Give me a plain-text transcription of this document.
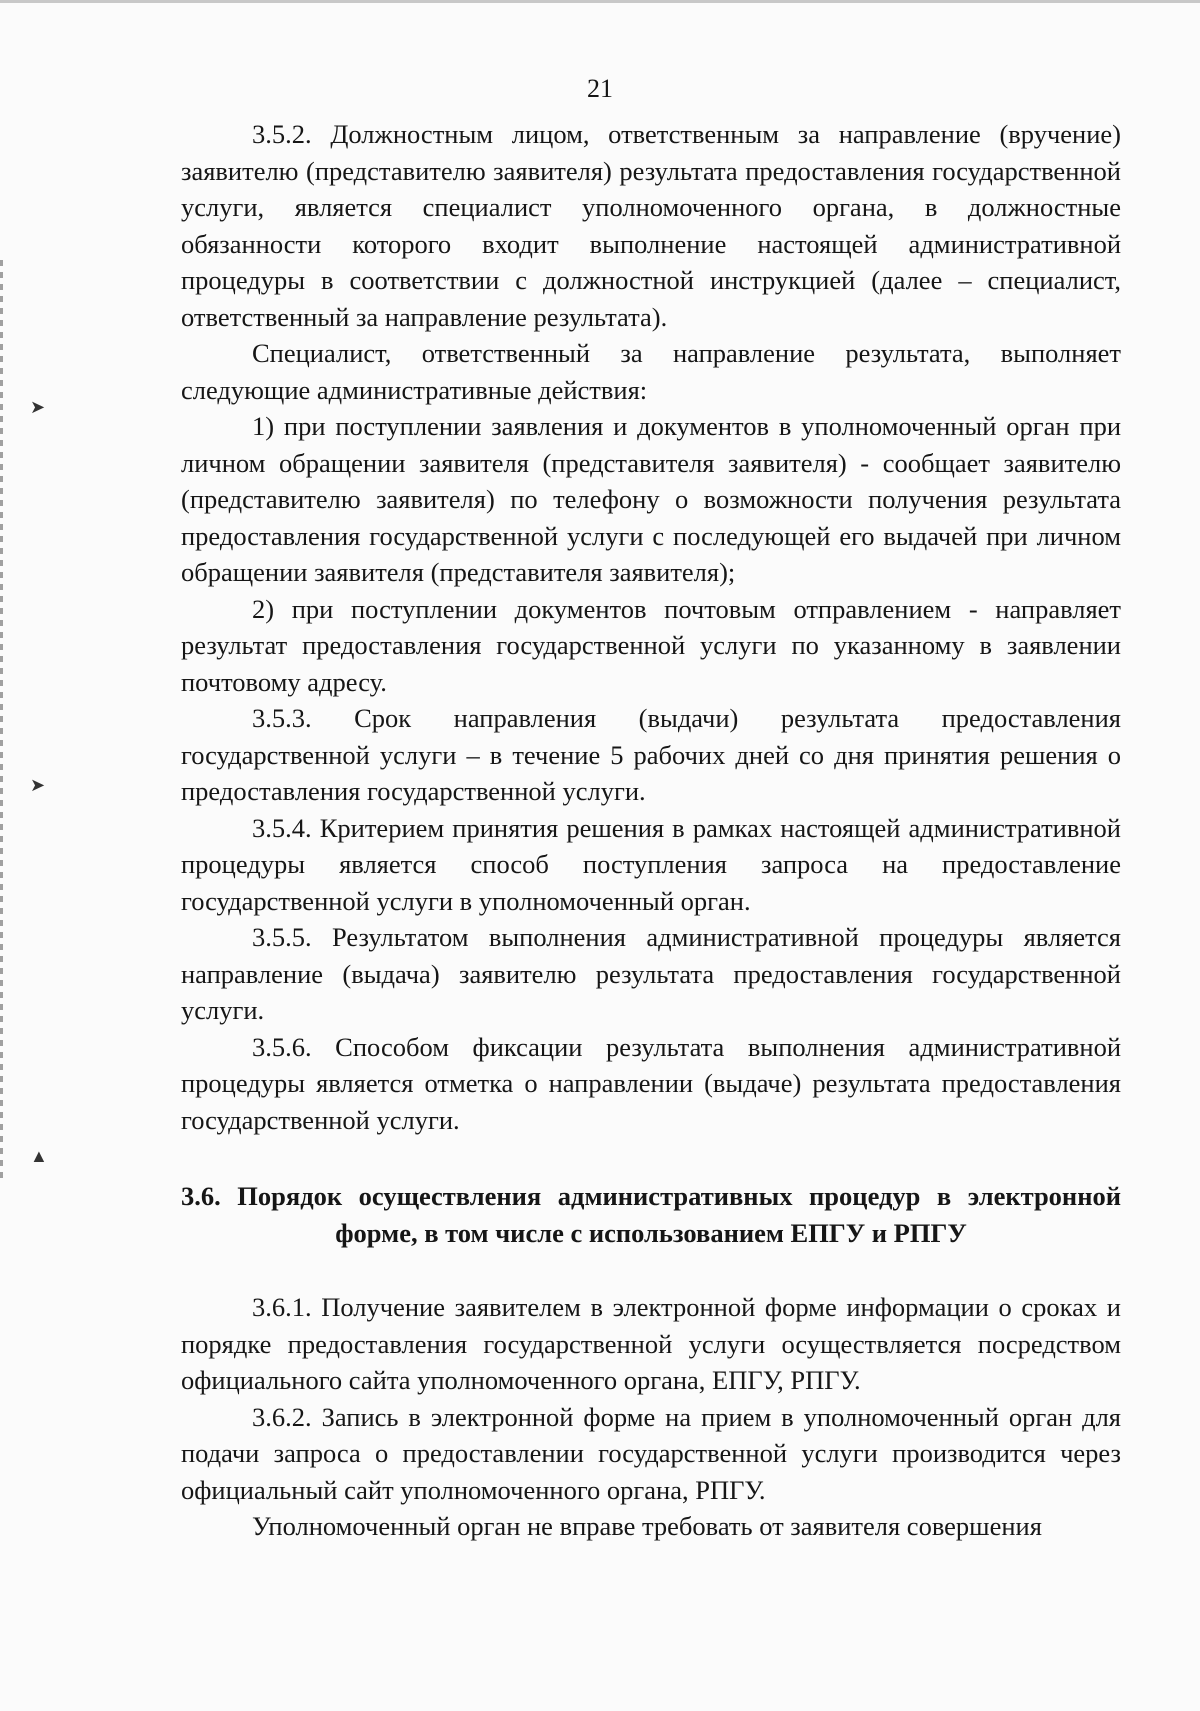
➤
➤
▲
21

3.5.2. Должностным лицом, ответственным за направление (вручение) заявителю (представителю заявителя) результата предоставления государственной услуги, является специалист уполномоченного органа, в должностные обязанности которого входит выполнение настоящей административной процедуры в соответствии с должностной инструкцией (далее – специалист, ответственный за направление результата).

Специалист, ответственный за направление результата, выполняет следующие административные действия:

1) при поступлении заявления и документов в уполномоченный орган при личном обращении заявителя (представителя заявителя) - сообщает заявителю (представителю заявителя) по телефону о возможности получения результата предоставления государственной услуги с последующей его выдачей при личном обращении заявителя (представителя заявителя);

2) при поступлении документов почтовым отправлением - направляет результат предоставления государственной услуги по указанному в заявлении почтовому адресу.

3.5.3. Срок направления (выдачи) результата предоставления государственной услуги – в течение 5 рабочих дней со дня принятия решения о предоставления государственной услуги.

3.5.4. Критерием принятия решения в рамках настоящей административной процедуры является способ поступления запроса на предоставление государственной услуги в уполномоченный орган.

3.5.5. Результатом выполнения административной процедуры является направление (выдача) заявителю результата предоставления государственной услуги.

3.5.6. Способом фиксации результата выполнения административной процедуры является отметка о направлении (выдаче) результата предоставления государственной услуги.

3.6. Порядок осуществления административных процедур в электронной
форме, в том числе с использованием ЕПГУ и РПГУ

3.6.1. Получение заявителем в электронной форме информации о сроках и порядке предоставления государственной услуги осуществляется посредством официального сайта уполномоченного органа, ЕПГУ, РПГУ.

3.6.2. Запись в электронной форме на прием в уполномоченный орган для подачи запроса о предоставлении государственной услуги производится через официальный сайт уполномоченного органа, РПГУ.

Уполномоченный орган не вправе требовать от заявителя совершения
